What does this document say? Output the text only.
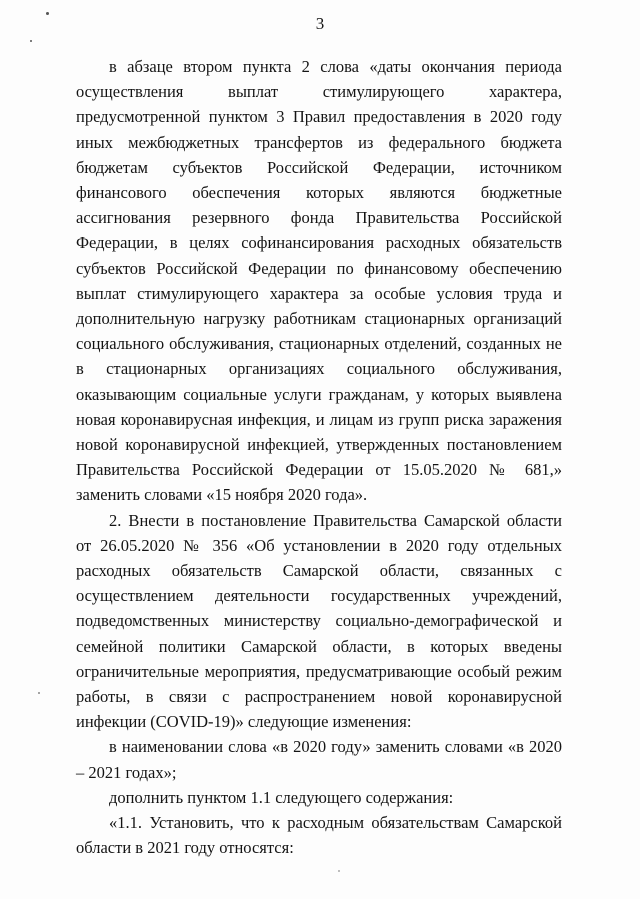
3

в абзаце втором пункта 2 слова «даты окончания периода осуществления выплат стимулирующего характера, предусмотренной пунктом 3 Правил предоставления в 2020 году иных межбюджетных трансфертов из федерального бюджета бюджетам субъектов Российской Федерации, источником финансового обеспечения которых являются бюджетные ассигнования резервного фонда Правительства Российской Федерации, в целях софинансирования расходных обязательств субъектов Российской Федерации по финансовому обеспечению выплат стимулирующего характера за особые условия труда и дополнительную нагрузку работникам стационарных организаций социального обслуживания, стационарных отделений, созданных не в стационарных организациях социального обслуживания, оказывающим социальные услуги гражданам, у которых выявлена новая коронавирусная инфекция, и лицам из групп риска заражения новой коронавирусной инфекцией, утвержденных постановлением Правительства Российской Федерации от 15.05.2020 № 681,» заменить словами «15 ноября 2020 года».

2. Внести в постановление Правительства Самарской области от 26.05.2020 № 356 «Об установлении в 2020 году отдельных расходных обязательств Самарской области, связанных с осуществлением деятельности государственных учреждений, подведомственных министерству социально-демографической и семейной политики Самарской области, в которых введены ограничительные мероприятия, предусматривающие особый режим работы, в связи с распространением новой коронавирусной инфекции (COVID-19)» следующие изменения:

в наименовании слова «в 2020 году» заменить словами «в 2020 – 2021 годах»;

дополнить пунктом 1.1 следующего содержания:

«1.1. Установить, что к расходным обязательствам Самарской области в 2021 году относятся:
